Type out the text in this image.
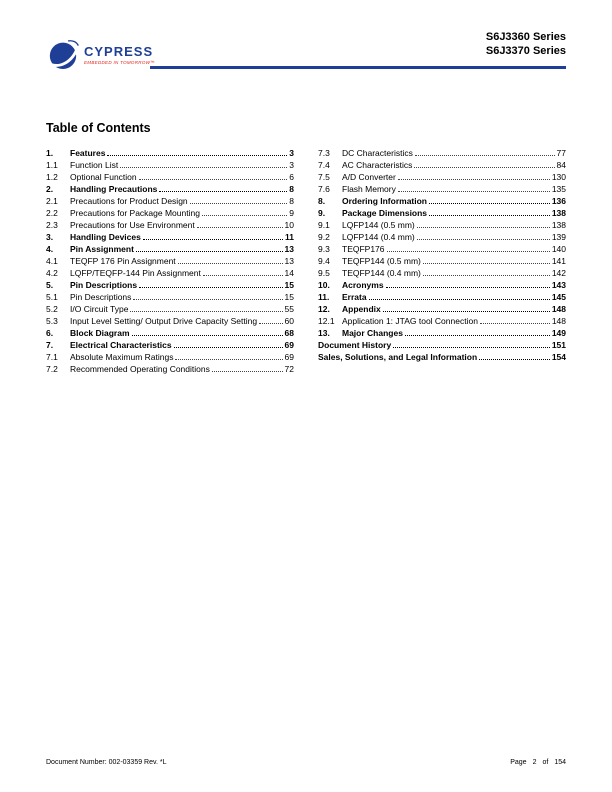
CYPRESS
EMBEDDED IN TOMORROW™
S6J3360 Series
S6J3370 Series
Table of Contents
1.	Features	3
1.1	Function List	3
1.2	Optional Function	6
2.	Handling Precautions	8
2.1	Precautions for Product Design	8
2.2	Precautions for Package Mounting	9
2.3	Precautions for Use Environment	10
3.	Handling Devices	11
4.	Pin Assignment	13
4.1	TEQFP 176 Pin Assignment	13
4.2	LQFP/TEQFP-144 Pin Assignment	14
5.	Pin Descriptions	15
5.1	Pin Descriptions	15
5.2	I/O Circuit Type	55
5.3	Input Level Setting/ Output Drive Capacity Setting	60
6.	Block Diagram	68
7.	Electrical Characteristics	69
7.1	Absolute Maximum Ratings	69
7.2	Recommended Operating Conditions	72
7.3	DC Characteristics	77
7.4	AC Characteristics	84
7.5	A/D Converter	130
7.6	Flash Memory	135
8.	Ordering Information	136
9.	Package Dimensions	138
9.1	LQFP144 (0.5 mm)	138
9.2	LQFP144 (0.4 mm)	139
9.3	TEQFP176	140
9.4	TEQFP144 (0.5 mm)	141
9.5	TEQFP144 (0.4 mm)	142
10.	Acronyms	143
11.	Errata	145
12.	Appendix	148
12.1 Application 1: JTAG tool Connection	148
13.	Major Changes	149
Document History	151
Sales, Solutions, and Legal Information	154
Document Number: 002-03359 Rev. *L	Page 2 of 154
